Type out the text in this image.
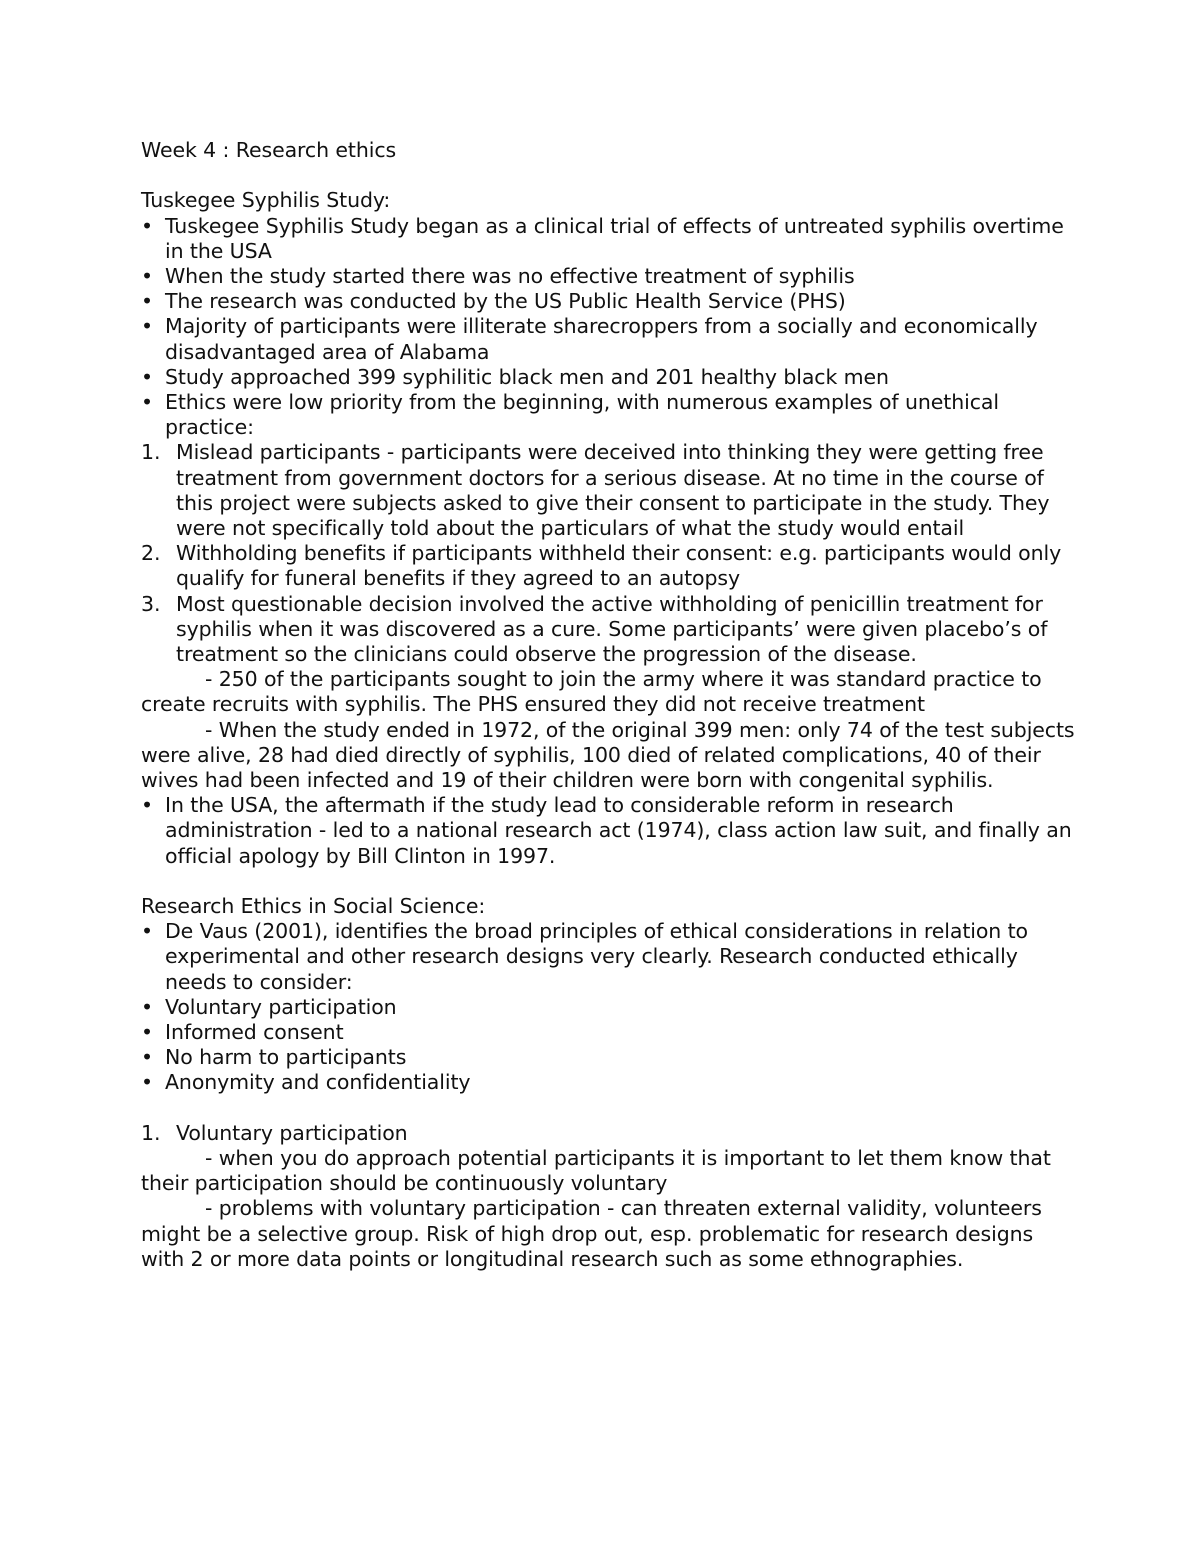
Week 4 : Research ethics
Tuskegee Syphilis Study:
• Tuskegee Syphilis Study began as a clinical trial of effects of untreated syphilis overtime in the USA
• When the study started there was no effective treatment of syphilis
• The research was conducted by the US Public Health Service (PHS)
• Majority of participants were illiterate sharecroppers from a socially and economically disadvantaged area of Alabama
• Study approached 399 syphilitic black men and 201 healthy black men
• Ethics were low priority from the beginning, with numerous examples of unethical practice:
1. Mislead participants - participants were deceived into thinking they were getting free treatment from government doctors for a serious disease. At no time in the course of this project were subjects asked to give their consent to participate in the study. They were not specifically told about the particulars of what the study would entail
2. Withholding benefits if participants withheld their consent: e.g. participants would only qualify for funeral benefits if they agreed to an autopsy
3. Most questionable decision involved the active withholding of penicillin treatment for syphilis when it was discovered as a cure. Some participants’ were given placebo’s of treatment so the clinicians could observe the progression of the disease.
- 250 of the participants sought to join the army where it was standard practice to create recruits with syphilis. The PHS ensured they did not receive treatment
- When the study ended in 1972, of the original 399 men: only 74 of the test subjects were alive, 28 had died directly of syphilis, 100 died of related complications, 40 of their wives had been infected and 19 of their children were born with congenital syphilis.
• In the USA, the aftermath if the study lead to considerable reform in research administration - led to a national research act (1974), class action law suit, and finally an official apology by Bill Clinton in 1997.
Research Ethics in Social Science:
• De Vaus (2001), identifies the broad principles of ethical considerations in relation to experimental and other research designs very clearly. Research conducted ethically needs to consider:
• Voluntary participation
• Informed consent
• No harm to participants
• Anonymity and confidentiality
1. Voluntary participation
- when you do approach potential participants it is important to let them know that their participation should be continuously voluntary
- problems with voluntary participation - can threaten external validity, volunteers might be a selective group. Risk of high drop out, esp. problematic for research designs with 2 or more data points or longitudinal research such as some ethnographies.
